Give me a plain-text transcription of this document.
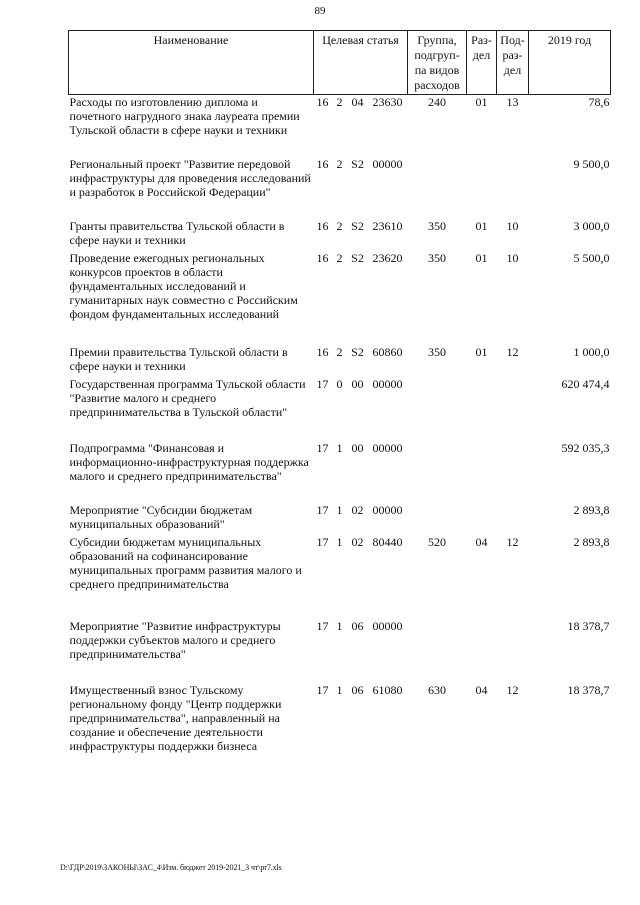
89
Наименование	Целевая статья				Группа, подгруп-па видов расходов	Раз-дел	Под-раз-дел	2019 год
Расходы по изготовлению диплома и почетного нагрудного знака лауреата премии Тульской области в сфере науки и техники	16	2	04	23630	240	01	13	78,6
Региональный проект "Развитие передовой инфраструктуры для проведения исследований и разработок в Российской Федерации"	16	2	S2	00000				9 500,0
Гранты правительства Тульской области в сфере науки и техники	16	2	S2	23610	350	01	10	3 000,0
Проведение ежегодных региональных конкурсов проектов в области фундаментальных исследований и гуманитарных наук совместно с Российским фондом фундаментальных исследований	16	2	S2	23620	350	01	10	5 500,0
Премии правительства Тульской области в сфере науки и техники	16	2	S2	60860	350	01	12	1 000,0
Государственная программа Тульской области "Развитие малого и среднего предпринимательства в Тульской области"	17	0	00	00000				620 474,4
Подпрограмма "Финансовая и информационно-инфраструктурная поддержка малого и среднего предпринимательства"	17	1	00	00000				592 035,3
Мероприятие "Субсидии бюджетам муниципальных образований"	17	1	02	00000				2 893,8
Субсидии бюджетам муниципальных образований на софинансирование муниципальных программ развития малого и среднего предпринимательства	17	1	02	80440	520	04	12	2 893,8
Мероприятие "Развитие инфраструктуры поддержки субъектов малого и среднего предпринимательства"	17	1	06	00000				18 378,7
Имущественный взнос Тульскому региональному фонду "Центр поддержки предпринимательства", направленный на создание и обеспечение деятельности инфраструктуры поддержки бизнеса	17	1	06	61080	630	04	12	18 378,7
D:\ГДР\2019\ЗАКОНЫ\ЗАС_4\Изм. бюджет 2019-2021_3 чт\pr7.xls
